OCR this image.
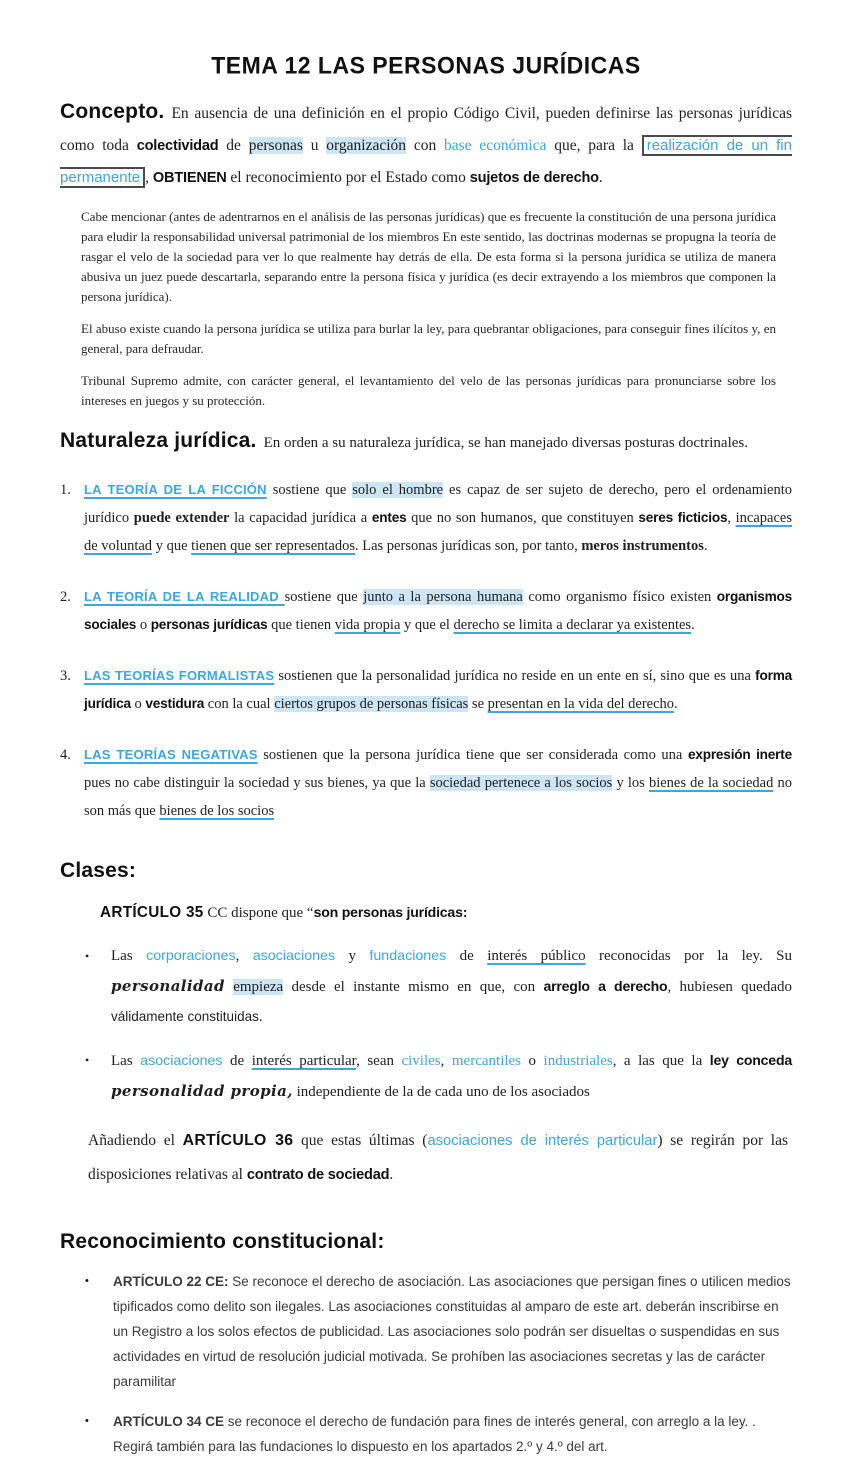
TEMA 12 LAS PERSONAS JURÍDICAS
Concepto. En ausencia de una definición en el propio Código Civil, pueden definirse las personas jurídicas como toda colectividad de personas u organización con base económica que, para la realización de un fin permanente , OBTIENEN el reconocimiento por el Estado como sujetos de derecho.

Cabe mencionar (antes de adentrarnos en el análisis de las personas jurídicas) que es frecuente la constitución de una persona jurídica para eludir la responsabilidad universal patrimonial de los miembros En este sentido, las doctrinas modernas se propugna la teoría de rasgar el velo de la sociedad para ver lo que realmente hay detrás de ella. De esta forma si la persona jurídica se utiliza de manera abusiva un juez puede descartarla, separando entre la persona física y jurídica (es decir extrayendo a los miembros que componen la persona jurídica).

El abuso existe cuando la persona jurídica se utiliza para burlar la ley, para quebrantar obligaciones, para conseguir fines ilícitos y, en general, para defraudar.

Tribunal Supremo admite, con carácter general, el levantamiento del velo de las personas jurídicas para pronunciarse sobre los intereses en juegos y su protección.

Naturaleza jurídica. En orden a su naturaleza jurídica, se han manejado diversas posturas doctrinales.
1.	LA TEORÍA DE LA FICCIÓN sostiene que solo el hombre es capaz de ser sujeto de derecho, pero el ordenamiento jurídico puede extender la capacidad jurídica a entes que no son humanos, que constituyen seres ficticios, incapaces de voluntad y que tienen que ser representados. Las personas jurídicas son, por tanto, meros instrumentos.
2.	LA TEORÍA DE LA REALIDAD sostiene que junto a la persona humana como organismo físico existen organismos sociales o personas jurídicas que tienen vida propia y que el derecho se limita a declarar ya existentes.
3.	LAS TEORÍAS FORMALISTAS sostienen que la personalidad jurídica no reside en un ente en sí, sino que es una forma jurídica o vestidura con la cual ciertos grupos de personas físicas se presentan en la vida del derecho.
4.	LAS TEORÍAS NEGATIVAS sostienen que la persona jurídica tiene que ser considerada como una expresión inerte pues no cabe distinguir la sociedad y sus bienes, ya que la sociedad pertenece a los socios y los bienes de la sociedad no son más que bienes de los socios
Clases:
ARTÍCULO 35 CC dispone que “son personas jurídicas:
•	Las corporaciones, asociaciones y fundaciones de interés público reconocidas por la ley. Su personalidad empieza desde el instante mismo en que, con arreglo a derecho, hubiesen quedado válidamente constituidas.
•	Las asociaciones de interés particular, sean civiles, mercantiles o industriales, a las que la ley conceda personalidad propia, independiente de la de cada uno de los asociados
Añadiendo el ARTÍCULO 36 que estas últimas (asociaciones de interés particular) se regirán por las disposiciones relativas al contrato de sociedad.
Reconocimiento constitucional:
•	ARTÍCULO 22 CE: Se reconoce el derecho de asociación. Las asociaciones que persigan fines o utilicen medios tipificados como delito son ilegales. Las asociaciones constituidas al amparo de este art. deberán inscribirse en un Registro a los solos efectos de publicidad. Las asociaciones solo podrán ser disueltas o suspendidas en sus actividades en virtud de resolución judicial motivada. Se prohíben las asociaciones secretas y las de carácter paramilitar
•	ARTÍCULO 34 CE se reconoce el derecho de fundación para fines de interés general, con arreglo a la ley. . Regirá también para las fundaciones lo dispuesto en los apartados 2.º y 4.º del art.
